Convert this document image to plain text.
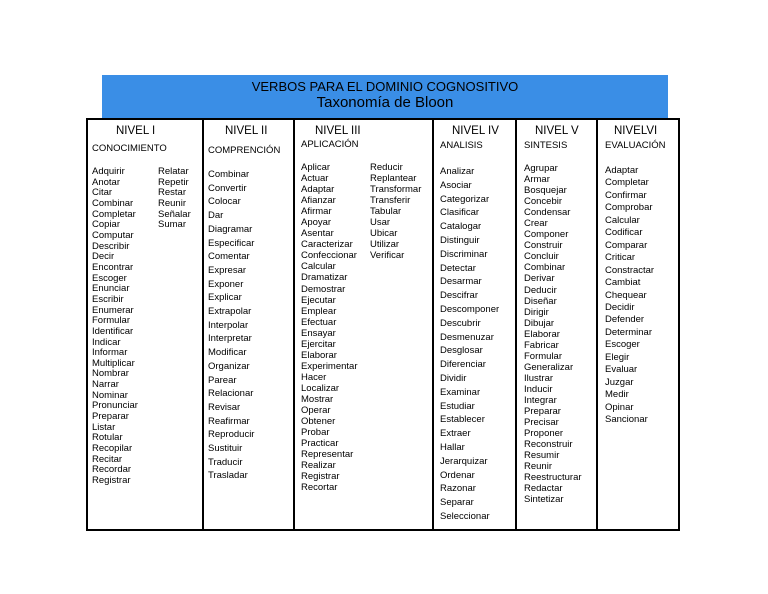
VERBOS PARA EL DOMINIO COGNOSITIVO
Taxonomía de Bloon
NIVEL I
CONOCIMIENTO
Adquirir
Anotar
Citar
Combinar
Completar
Copiar
Computar
Describir
Decir
Encontrar
Escoger
Enunciar
Escribir
Enumerar
Formular
Identificar
Indicar
Informar
Multiplicar
Nombrar
Narrar
Nominar
Pronunciar
Preparar
Listar
Rotular
Recopilar
Recitar
Recordar
Registrar
Relatar
Repetir
Restar
Reunir
Señalar
Sumar
NIVEL II
COMPRENCIÓN
Combinar
Convertir
Colocar
Dar
Diagramar
Especificar
Comentar
Expresar
Exponer
Explicar
Extrapolar
Interpolar
Interpretar
Modificar
Organizar
Parear
Relacionar
Revisar
Reafirmar
Reproducir
Sustituir
Traducir
Trasladar
NIVEL III
APLICACIÓN
Aplicar
Actuar
Adaptar
Afianzar
Afirmar
Apoyar
Asentar
Caracterizar
Confeccionar
Calcular
Dramatizar
Demostrar
Ejecutar
Emplear
Efectuar
Ensayar
Ejercitar
Elaborar
Experimentar
Hacer
Localizar
Mostrar
Operar
Obtener
Probar
Practicar
Representar
Realizar
Registrar
Recortar
Reducir
Replantear
Transformar
Transferir
Tabular
Usar
Ubicar
Utilizar
Verificar
NIVEL IV
ANALISIS
Analizar
Asociar
Categorizar
Clasificar
Catalogar
Distinguir
Discriminar
Detectar
Desarmar
Descifrar
Descomponer
Descubrir
Desmenuzar
Desglosar
Diferenciar
Dividir
Examinar
Estudiar
Establecer
Extraer
Hallar
Jerarquizar
Ordenar
Razonar
Separar
Seleccionar
NIVEL V
SINTESIS
Agrupar
Armar
Bosquejar
Concebir
Condensar
Crear
Componer
Construir
Concluir
Combinar
Derivar
Deducir
Diseñar
Dirigir
Dibujar
Elaborar
Fabricar
Formular
Generalizar
Ilustrar
Inducir
Integrar
Preparar
Precisar
Proponer
Reconstruir
Resumir
Reunir
Reestructurar
Redactar
Sintetizar
NIVELVI
EVALUACIÓN
Adaptar
Completar
Confirmar
Comprobar
Calcular
Codificar
Comparar
Criticar
Constractar
Cambiat
Chequear
Decidir
Defender
Determinar
Escoger
Elegir
Evaluar
Juzgar
Medir
Opinar
Sancionar
